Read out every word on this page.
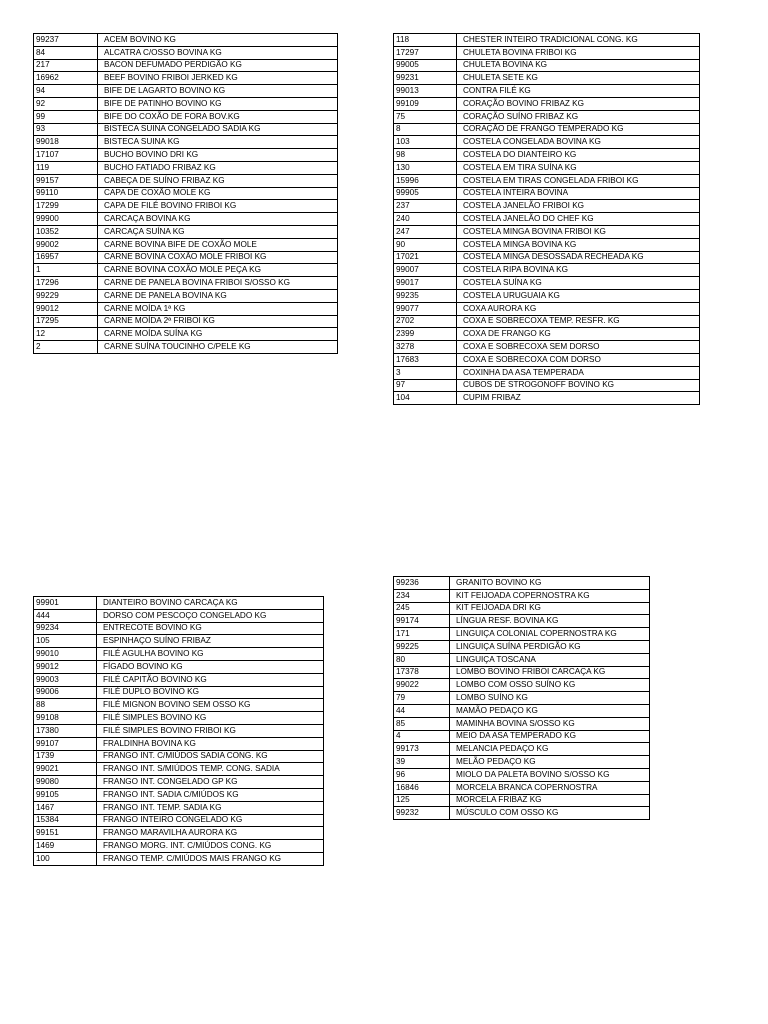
99237	ACEM BOVINO KG
84	ALCATRA C/OSSO BOVINA KG
217	BACON DEFUMADO PERDIGÃO KG
16962	BEEF BOVINO FRIBOI JERKED KG
94	BIFE DE LAGARTO BOVINO KG
92	BIFE DE PATINHO BOVINO KG
99	BIFE DO COXÃO DE FORA BOV.KG
93	BISTECA SUINA CONGELADO SADIA KG
99018	BISTECA SUINA KG
17107	BUCHO BOVINO DRI KG
119	BUCHO FATIADO FRIBAZ KG
99157	CABEÇA DE SUÍNO FRIBAZ KG
99110	CAPA DE COXÃO MOLE KG
17299	CAPA DE FILÉ BOVINO FRIBOI KG
99900	CARCAÇA BOVINA KG
10352	CARCAÇA SUÍNA KG
99002	CARNE BOVINA BIFE DE COXÃO MOLE
16957	CARNE BOVINA COXÃO MOLE FRIBOI KG
1	CARNE BOVINA COXÃO MOLE PEÇA KG
17296	CARNE DE PANELA BOVINA FRIBOI S/OSSO KG
99229	CARNE DE PANELA BOVINA KG
99012	CARNE MOÍDA 1ª KG
17295	CARNE MOÍDA 2ª FRIBOI KG
12	CARNE MOÍDA SUÍNA KG
2	CARNE SUÍNA TOUCINHO C/PELE KG
118	CHESTER INTEIRO TRADICIONAL CONG. KG
17297	CHULETA BOVINA FRIBOI KG
99005	CHULETA BOVINA KG
99231	CHULETA SETE KG
99013	CONTRA FILÉ KG
99109	CORAÇÃO BOVINO FRIBAZ KG
75	CORAÇÃO SUÍNO FRIBAZ KG
8	CORAÇÃO DE FRANGO TEMPERADO KG
103	COSTELA CONGELADA BOVINA KG
98	COSTELA DO DIANTEIRO KG
130	COSTELA EM TIRA SUÍNA KG
15996	COSTELA EM TIRAS CONGELADA FRIBOI KG
99905	COSTELA INTEIRA BOVINA
237	COSTELA JANELÃO FRIBOI KG
240	COSTELA JANELÃO DO CHEF KG
247	COSTELA MINGA BOVINA FRIBOI KG
90	COSTELA MINGA BOVINA KG
17021	COSTELA MINGA DESOSSADA RECHEADA KG
99007	COSTELA RIPA BOVINA KG
99017	COSTELA SUÍNA KG
99235	COSTELA URUGUAIA KG
99077	COXA AURORA KG
2702	COXA E SOBRECOXA TEMP. RESFR. KG
2399	COXA DE FRANGO KG
3278	COXA E SOBRECOXA SEM DORSO
17683	COXA E SOBRECOXA COM DORSO
3	COXINHA DA ASA TEMPERADA
97	CUBOS DE STROGONOFF BOVINO KG
104	CUPIM FRIBAZ
99901	DIANTEIRO BOVINO CARCAÇA KG
444	DORSO COM PESCOÇO CONGELADO KG
99234	ENTRECOTE BOVINO KG
105	ESPINHAÇO SUÍNO FRIBAZ
99010	FILÉ AGULHA BOVINO KG
99012	FÍGADO BOVINO KG
99003	FILÉ CAPITÃO BOVINO KG
99006	FILÉ DUPLO BOVINO KG
88	FILÉ MIGNON BOVINO SEM OSSO KG
99108	FILÉ SIMPLES BOVINO KG
17380	FILÉ SIMPLES BOVINO FRIBOI KG
99107	FRALDINHA BOVINA KG
1739	FRANGO INT. C/MIÚDOS SADIA CONG. KG
99021	FRANGO INT. S/MIÚDOS TEMP. CONG. SADIA
99080	FRANGO INT. CONGELADO GP KG
99105	FRANGO INT. SADIA C/MIÚDOS KG
1467	FRANGO INT. TEMP. SADIA KG
15384	FRANGO INTEIRO CONGELADO KG
99151	FRANGO MARAVILHA AURORA KG
1469	FRANGO MORG. INT. C/MIÚDOS CONG. KG
100	FRANGO TEMP. C/MIÚDOS MAIS FRANGO KG
99236	GRANITO BOVINO KG
234	KIT FEIJOADA COPERNOSTRA KG
245	KIT FEIJOADA DRI KG
99174	LÍNGUA RESF. BOVINA KG
171	LINGUIÇA COLONIAL COPERNOSTRA KG
99225	LINGUIÇA SUÍNA PERDIGÃO KG
80	LINGUIÇA TOSCANA
17378	LOMBO BOVINO FRIBOI CARCAÇA KG
99022	LOMBO COM OSSO SUÍNO KG
79	LOMBO SUÍNO KG
44	MAMÃO PEDAÇO KG
85	MAMINHA BOVINA S/OSSO KG
4	MEIO DA ASA TEMPERADO KG
99173	MELANCIA PEDAÇO KG
39	MELÃO PEDAÇO KG
96	MIOLO DA PALETA BOVINO S/OSSO KG
16846	MORCELA BRANCA COPERNOSTRA
125	MORCELA FRIBAZ KG
99232	MÚSCULO COM OSSO KG
